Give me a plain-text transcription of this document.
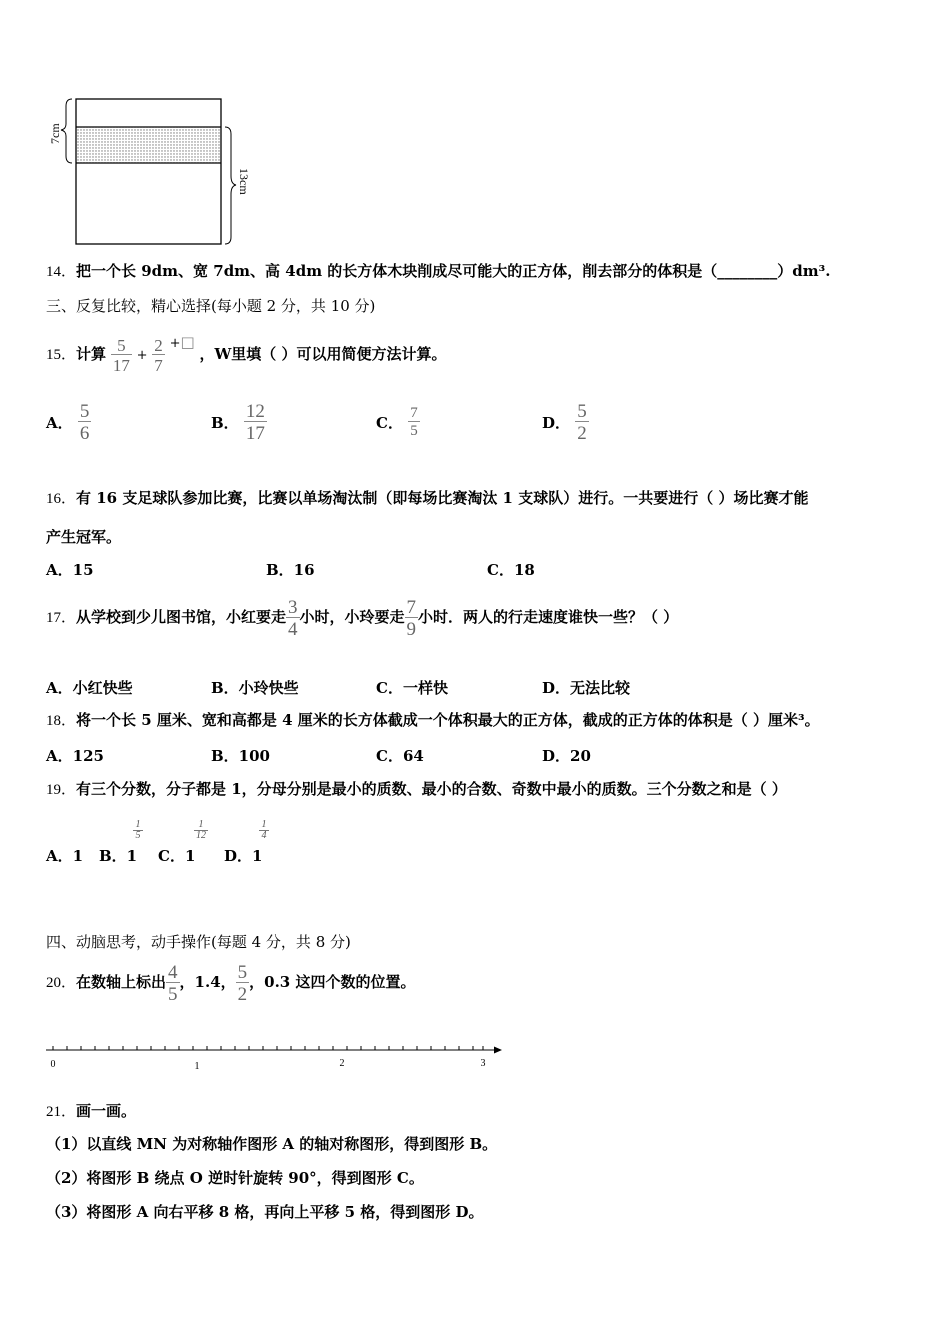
7cm
13cm
14．把一个长 9dm、宽 7dm、高 4dm 的长方体木块削成尽可能大的正方体，削去部分的体积是（________）dm³.
三、反复比较，精心选择(每小题 2 分，共 10 分)
15．计算 $\frac{5}{17} + \frac{2}{7}$ +□ ，W里填（ ）可以用简便方法计算。
A． $\frac{5}{6}$	B． $\frac{12}{17}$	C． $\frac{7}{5}$	D． $\frac{5}{2}$
16．有 16 支足球队参加比赛，比赛以单场淘汰制（即每场比赛淘汰 1 支球队）进行。一共要进行（ ）场比赛才能
产生冠军。
A．15	B．16	C．18
17．从学校到少儿图书馆，小红要走 $\frac{3}{4}$ 小时，小玲要走 $\frac{7}{9}$ 小时．两人的行走速度谁快一些？（ ）
A．小红快些	B．小玲快些	C．一样快	D．无法比较
18．将一个长 5 厘米、宽和高都是 4 厘米的长方体截成一个体积最大的正方体，截成的正方体的体积是（ ）厘米³。
A．125	B．100	C．64	D．20
19．有三个分数，分子都是 1，分母分别是最小的质数、最小的合数、奇数中最小的质数。三个分数之和是（ ）
A．1 B．1
1
5
C．1
1
12
D．1
1
4
四、动脑思考，动手操作(每题 4 分，共 8 分)
20．在数轴上标出 $\frac{4}{5}$ ，1.4， $\frac{5}{2}$ ，0.3 这四个数的位置。
0	1	2	3
21．画一画。
（1）以直线 MN 为对称轴作图形 A 的轴对称图形，得到图形 B。
（2）将图形 B 绕点 O 逆时针旋转 90°，得到图形 C。
（3）将图形 A 向右平移 8 格，再向上平移 5 格，得到图形 D。
